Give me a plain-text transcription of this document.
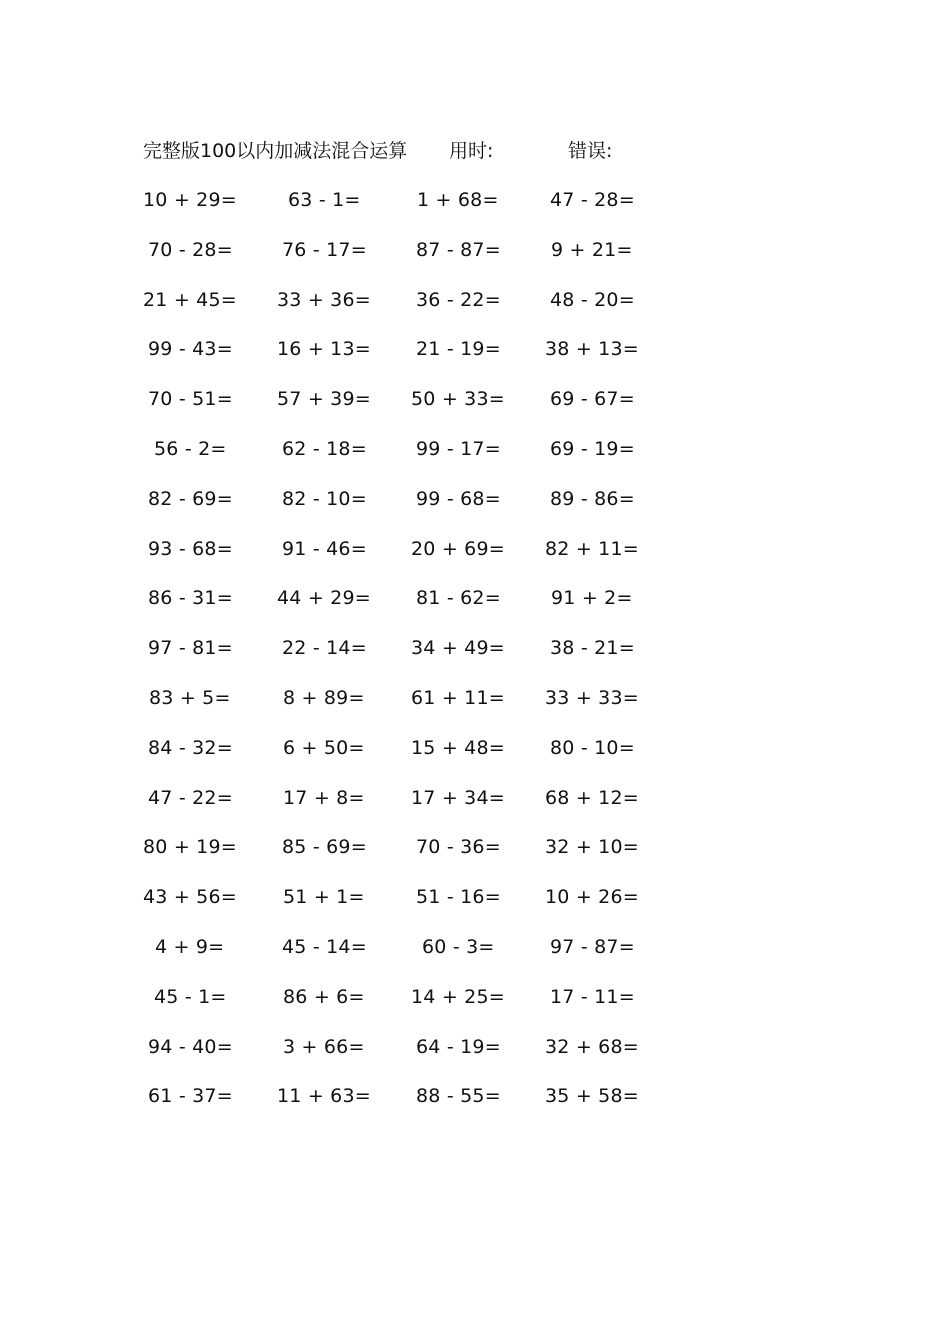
完整版100以内加减法混合运算 用时:	错误:
10 + 29=	63 - 1=	1 + 68=	47 - 28=
70 - 28=	76 - 17=	87 - 87=	9 + 21=
21 + 45= 33 + 36= 36 - 22=	48 - 20=
99 - 43= 16 + 13= 21 - 19= 38 + 13=
70 - 51= 57 + 39= 50 + 33= 69 - 67=
56 - 2=	62 - 18=	99 - 17=	69 - 19=
82 - 69=	82 - 10=	99 - 68=	89 - 86=
93 - 68=	91 - 46= 20 + 69= 82 + 11=
86 - 31= 44 + 29= 81 - 62=	91 + 2=
97 - 81=	22 - 14= 34 + 49= 38 - 21=
83 + 5=	8 + 89= 61 + 11= 33 + 33=
84 - 32=	6 + 50= 15 + 48= 80 - 10=
47 - 22=	17 + 8= 17 + 34= 68 + 12=
80 + 19= 85 - 69=	70 - 36= 32 + 10=
43 + 56= 51 + 1=	51 - 16= 10 + 26=
4 + 9=	45 - 14=	60 - 3=	97 - 87=
45 - 1=	86 + 6= 14 + 25= 17 - 11=
94 - 40=	3 + 66=	64 - 19= 32 + 68=
61 - 37= 11 + 63= 88 - 55= 35 + 58=
